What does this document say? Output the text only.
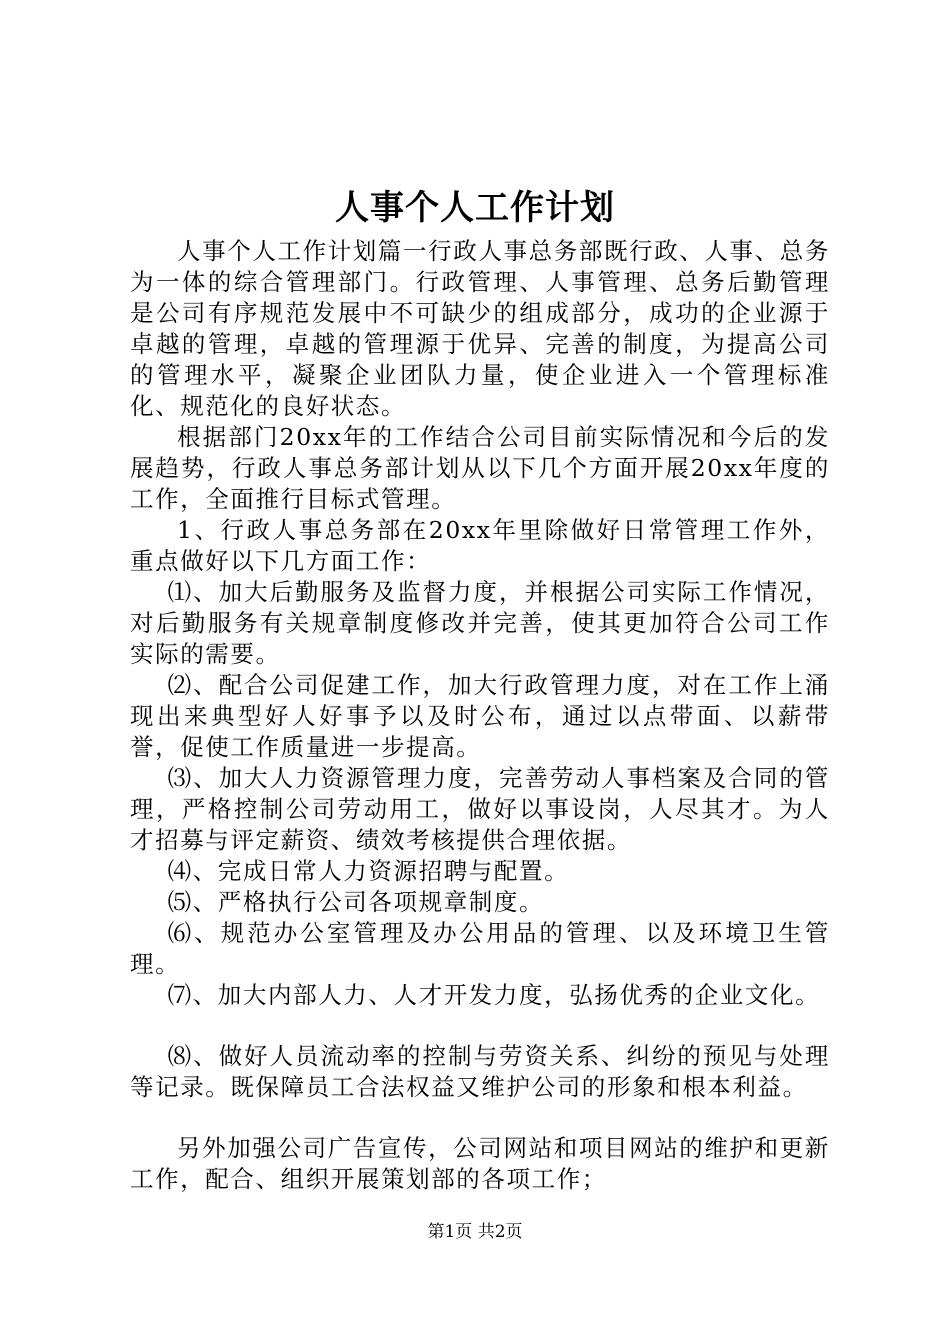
人事个人工作计划

人事个人工作计划篇一行政人事总务部既行政、人事、总务为一体的综合管理部门。行政管理、人事管理、总务后勤管理是公司有序规范发展中不可缺少的组成部分，成功的企业源于卓越的管理，卓越的管理源于优异、完善的制度，为提高公司的管理水平，凝聚企业团队力量，使企业进入一个管理标准化、规范化的良好状态。

根据部门20xx年的工作结合公司目前实际情况和今后的发展趋势，行政人事总务部计划从以下几个方面开展20xx年度的工作，全面推行目标式管理。

1、行政人事总务部在20xx年里除做好日常管理工作外，重点做好以下几方面工作：

⑴、加大后勤服务及监督力度，并根据公司实际工作情况，对后勤服务有关规章制度修改并完善，使其更加符合公司工作实际的需要。

⑵、配合公司促建工作，加大行政管理力度，对在工作上涌现出来典型好人好事予以及时公布，通过以点带面、以薪带誉，促使工作质量进一步提高。

⑶、加大人力资源管理力度，完善劳动人事档案及合同的管理，严格控制公司劳动用工，做好以事设岗，人尽其才。为人才招募与评定薪资、绩效考核提供合理依据。

⑷、完成日常人力资源招聘与配置。

⑸、严格执行公司各项规章制度。

⑹、规范办公室管理及办公用品的管理、以及环境卫生管理。

⑺、加大内部人力、人才开发力度，弘扬优秀的企业文化。

⑻、做好人员流动率的控制与劳资关系、纠纷的预见与处理等记录。既保障员工合法权益又维护公司的形象和根本利益。

另外加强公司广告宣传，公司网站和项目网站的维护和更新工作，配合、组织开展策划部的各项工作；

第1页 共2页
